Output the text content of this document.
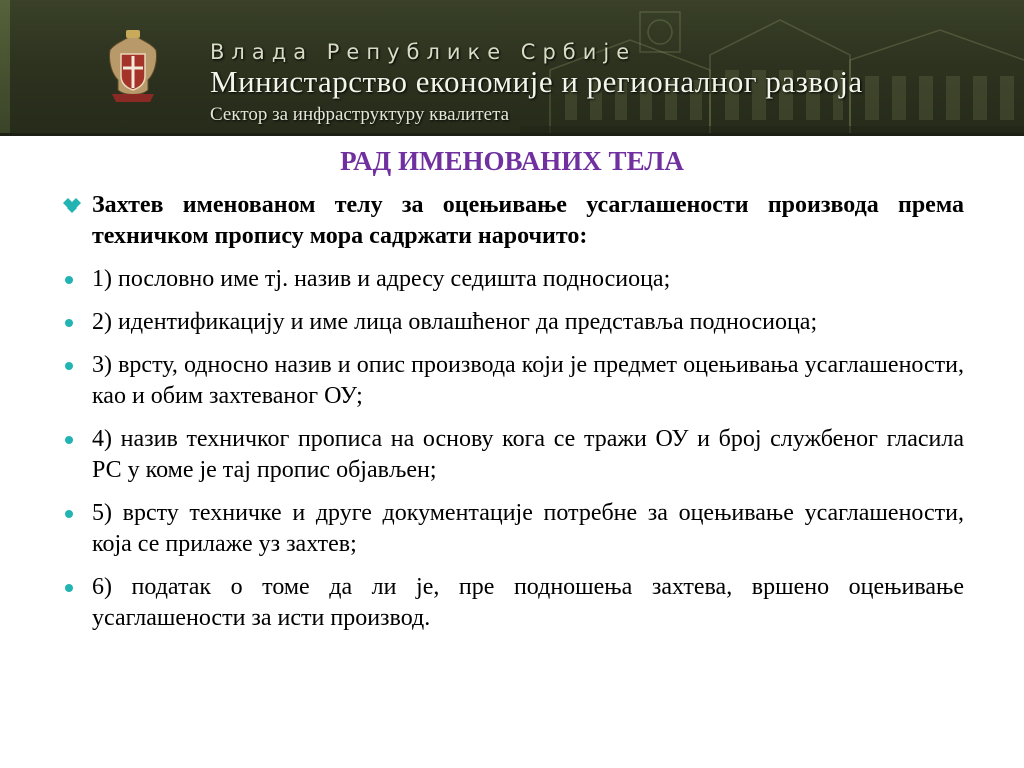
Влада Републике Србије
Министарство економије и регионалног развоја
Сектор за инфраструктуру квалитета
РАД ИМЕНОВАНИХ ТЕЛА
Захтев именованом телу за оцењивање усаглашености производа према техничком пропису мора садржати нарочито:
1) пословно име тј. назив и адресу седишта подносиоца;
2) идентификацију и име лица овлашћеног да представља подносиоца;
3) врсту, односно назив и опис производа који је предмет оцењивања усаглашености, као и обим захтеваног ОУ;
4) назив техничког прописа на основу кога се тражи ОУ и број службеног гласила РС у коме је тај пропис објављен;
5) врсту техничке и друге документације потребне за оцењивање усаглашености, која се прилаже уз захтев;
6) податак о томе да ли је, пре подношења захтева, вршено оцењивање усаглашености за исти производ.
